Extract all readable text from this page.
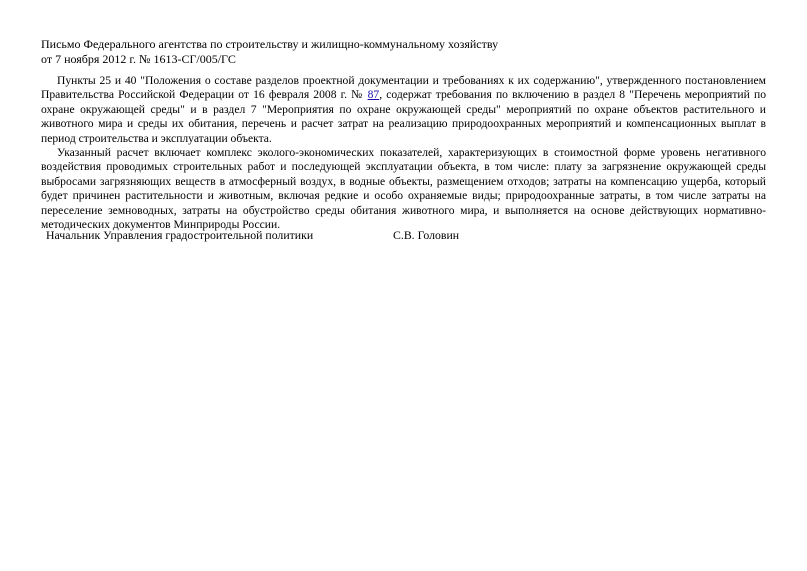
Письмо Федерального агентства по строительству и жилищно-коммунальному хозяйству
от 7 ноября 2012 г. № 1613-СГ/005/ГС

Пункты 25 и 40 "Положения о составе разделов проектной документации и требованиях к их содержанию", утвержденного постановлением Правительства Российской Федерации от 16 февраля 2008 г. № 87, содержат требования по включению в раздел 8 "Перечень мероприятий по охране окружающей среды" и в раздел 7 "Мероприятия по охране окружающей среды" мероприятий по охране объектов растительного и животного мира и среды их обитания, перечень и расчет затрат на реализацию природоохранных мероприятий и компенсационных выплат в период строительства и эксплуатации объекта.

Указанный расчет включает комплекс эколого-экономических показателей, характеризующих в стоимостной форме уровень негативного воздействия проводимых строительных работ и последующей эксплуатации объекта, в том числе: плату за загрязнение окружающей среды выбросами загрязняющих веществ в атмосферный воздух, в водные объекты, размещением отходов; затраты на компенсацию ущерба, который будет причинен растительности и животным, включая редкие и особо охраняемые виды; природоохранные затраты, в том числе затраты на переселение земноводных, затраты на обустройство среды обитания животного мира, и выполняется на основе действующих нормативно-методических документов Минприроды России.

Начальник Управления градостроительной политики	С.В. Головин
